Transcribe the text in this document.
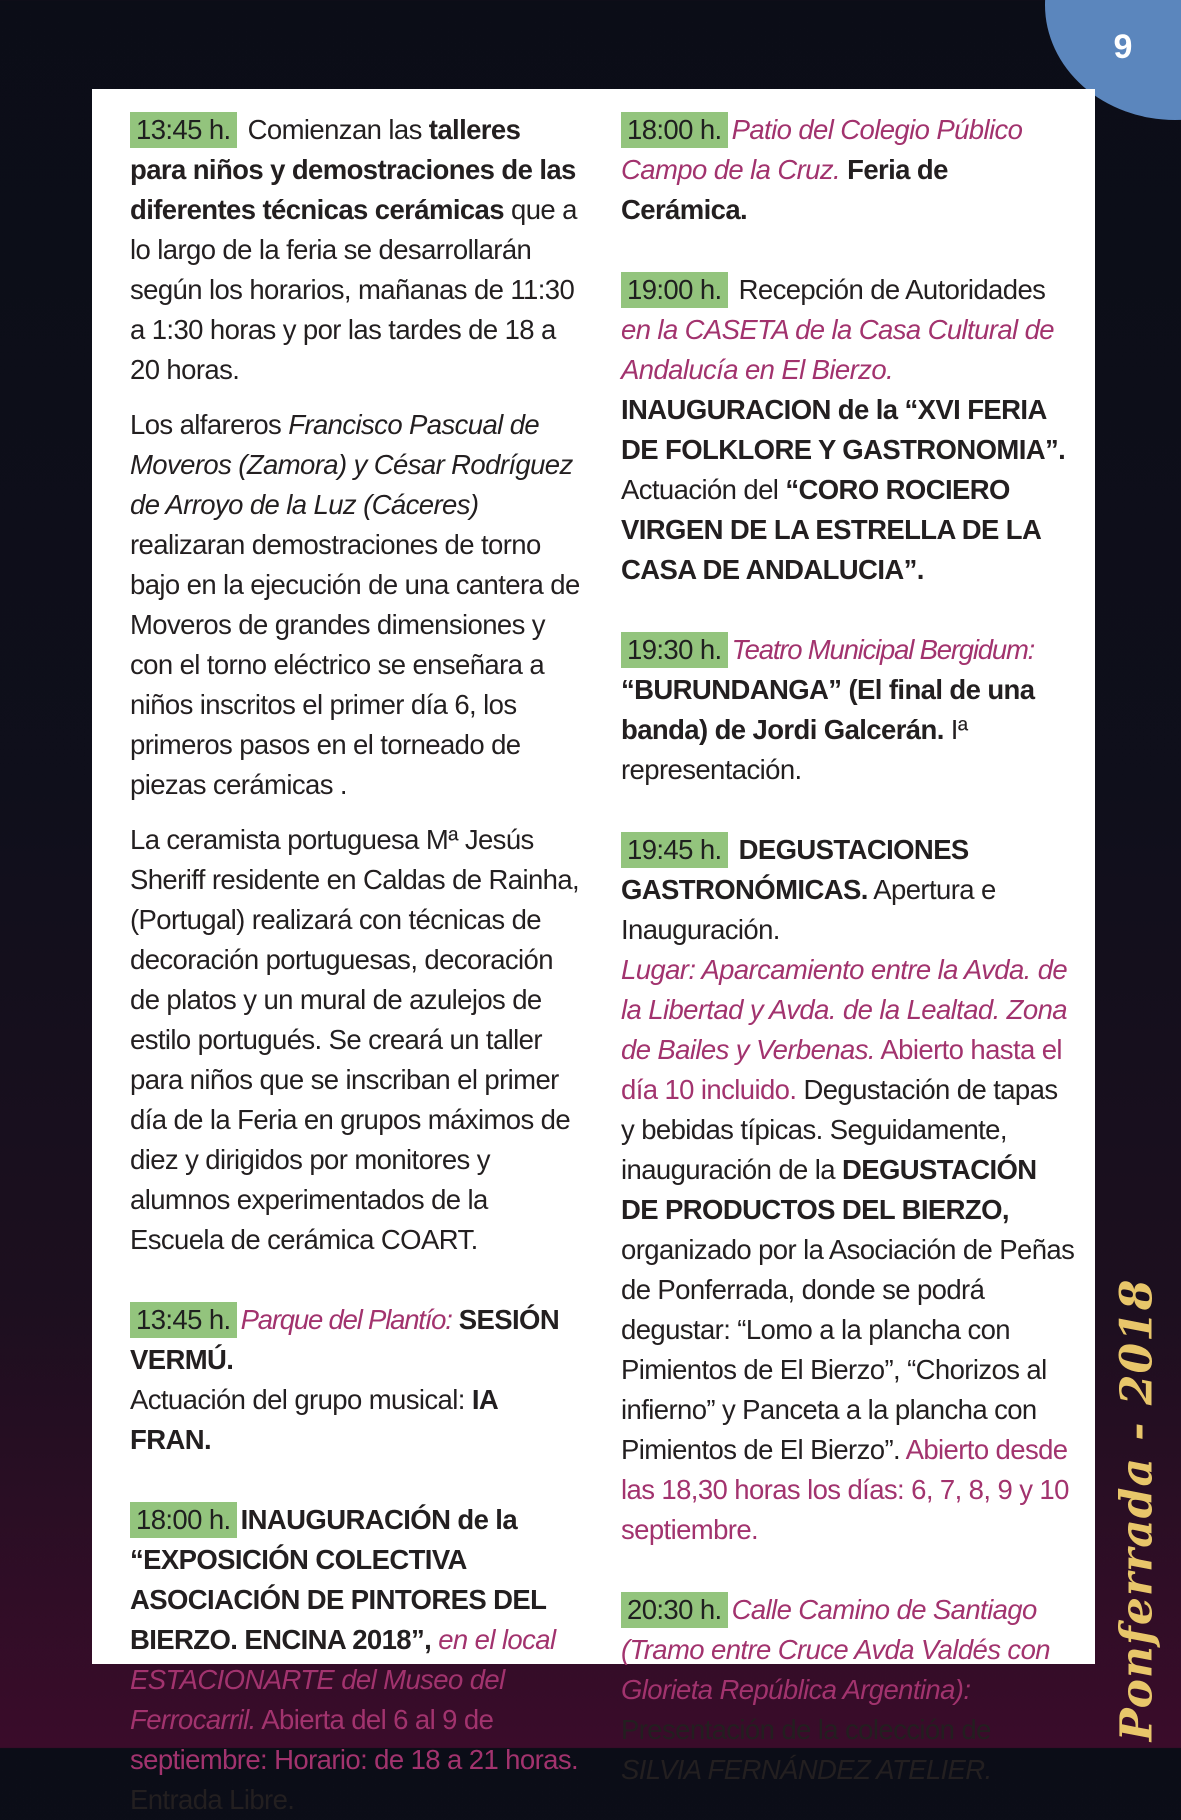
9

13:45 h. Comienzan las talleres para niños y demostraciones de las diferentes técnicas cerámicas que a lo largo de la feria se desarrollarán según los horarios, mañanas de 11:30 a 1:30 horas y por las tardes de 18 a 20 horas.

Los alfareros Francisco Pascual de Moveros (Zamora) y César Rodríguez de Arroyo de la Luz (Cáceres) realizaran demostraciones de torno bajo en la ejecución de una cantera de Moveros de grandes dimensiones y con el torno eléctrico se enseñara a niños inscritos el primer día 6, los primeros pasos en el torneado de piezas cerámicas .

La ceramista portuguesa Mª Jesús Sheriff residente en Caldas de Rainha, (Portugal) realizará con técnicas de decoración portuguesas, decoración de platos y un mural de azulejos de estilo portugués. Se creará un taller para niños que se inscriban el primer día de la Feria en grupos máximos de diez y dirigidos por monitores y alumnos experimentados de la Escuela de cerámica COART.

13:45 h. Parque del Plantío: SESIÓN VERMÚ.
Actuación del grupo musical: IA FRAN.

18:00 h. INAUGURACIÓN de la “EXPOSICIÓN COLECTIVA ASOCIACIÓN DE PINTORES DEL BIERZO. ENCINA 2018”, en el local ESTACIONARTE del Museo del Ferrocarril. Abierta del 6 al 9 de septiembre: Horario: de 18 a 21 horas.
Entrada Libre.

18:00 h. Patio del Colegio Público Campo de la Cruz. Feria de Cerámica.

19:00 h. Recepción de Autoridades
en la CASETA de la Casa Cultural de Andalucía en El Bierzo. INAUGURACION de la “XVI FERIA DE FOLKLORE Y GASTRONOMIA”. Actuación del “CORO ROCIERO VIRGEN DE LA ESTRELLA DE LA CASA DE ANDALUCIA”.

19:30 h. Teatro Municipal Bergidum:
“BURUNDANGA” (El final de una banda) de Jordi Galcerán. Iª representación.

19:45 h. DEGUSTACIONES GASTRONÓMICAS. Apertura e Inauguración.
Lugar: Aparcamiento entre la Avda. de la Libertad y Avda. de la Lealtad. Zona de Bailes y Verbenas. Abierto hasta el día 10 incluido. Degustación de tapas y bebidas típicas. Seguidamente, inauguración de la DEGUSTACIÓN DE PRODUCTOS DEL BIERZO, organizado por la Asociación de Peñas de Ponferrada, donde se podrá degustar: “Lomo a la plancha con Pimientos de El Bierzo”, “Chorizos al infierno” y Panceta a la plancha con Pimientos de El Bierzo”. Abierto desde las 18,30 horas los días: 6, 7, 8, 9 y 10 septiembre.

20:30 h. Calle Camino de Santiago (Tramo entre Cruce Avda Valdés con Glorieta República Argentina):
Presentación de la colección de SILVIA FERNÁNDEZ ATELIER.

Ponferrada - 2018
